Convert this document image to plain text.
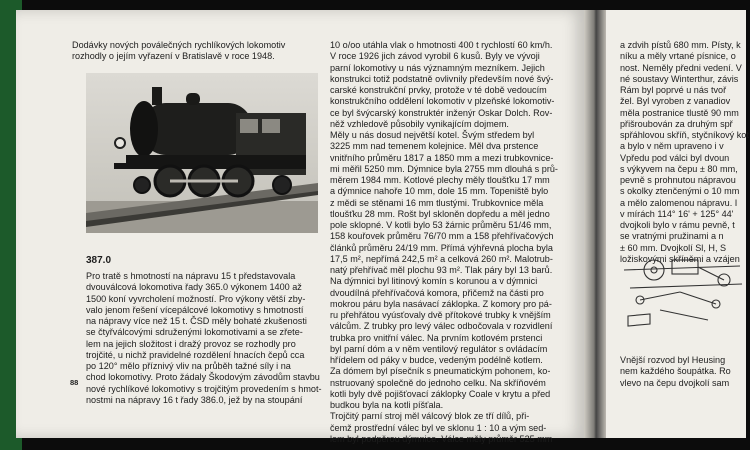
Dodávky nových poválečných rychlíkových lokomotiv
rozhodly o jejím vyřazení v Bratislavě v roce 1948.
387.0
Pro tratě s hmotností na nápravu 15 t představovala
dvouválcová lokomotiva řady 365.0 výkonem 1400 až
1500 koní vyvrcholení možností. Pro výkony větší zby-
valo jenom řešení vícepálcové lokomotivy s hmotností
na nápravy více než 15 t. ČSD měly bohaté zkušenosti
se čtyřválcovými sdruženými lokomotivami a se zřete-
lem na jejich složitost i dražý provoz se rozhodly pro
trojčité, u nichž pravidelné rozdělení hnacích čepů cca
po 120° mělo příznivý vliv na průběh tažné síly i na
chod lokomotivy. Proto žádaly Škodovým závodům stavbu
nové rychlíkové lokomotivy s trojčitým provedením s hmot-
nostmi na nápravy 16 t řady 386.0, jež by na stoupání
88
10 o/oo utáhla vlak o hmotnosti 400 t rychlostí 60 km/h.
V roce 1926 jich závod vyrobil 6 kusů. Byly ve vývoji
parní lokomotivy u nás významným mezníkem. Jejich
konstrukci totiž podstatně ovlivnily především nové švý-
carské konstrukční prvky, protože v té době vedoucím
konstrukčního oddělení lokomotiv v plzeňské lokomotiv-
ce byl švýcarský konstruktér inženýr Oskar Dolch. Rov-
něž vzhledově působily vynikajícím dojmem.
Měly u nás dosud největší kotel. Švým středem byl
3225 mm nad temenem kolejnice. Měl dva prstence
vnitřního průměru 1817 a 1850 mm a mezi trubkovnice-
mi měřil 5250 mm. Dýmnice byla 2755 mm dlouhá s prů-
měrem 1984 mm. Kotlové plechy měly tloušťku 17 mm
a dýmnice nahoře 10 mm, dole 15 mm. Topeniště bylo
z mědi se stěnami 16 mm tlustými. Trubkovnice měla
tloušťku 28 mm. Rošt byl skloněn dopředu a měl jedno
pole sklopné. V kotli bylo 53 žárnic průměru 51/46 mm,
158 kouřovek průměru 76/70 mm a 158 přehřívačových
článků průměru 24/19 mm. Přímá výhřevná plocha byla
17,5 m², nepřímá 242,5 m² a celková 260 m². Malotrub-
natý přehřívač měl plochu 93 m². Tlak páry byl 13 barů.
Na dýmnici byl litinový komín s korunou a v dýmnici
dvoudílná přehřívačová komora, přičemž na části pro
mokrou páru byla nasávací záklopka. Z komory pro pá-
ru přehřátou vyúsťovaly dvě přítokové trubky k vnějším
válcům. Z trubky pro levý válec odbočovala v rozvidlení
trubka pro vnitřní válec. Na prvním kotlovém prstenci
byl parní dóm a v něm ventilový regulátor s ovládacím
hřídelem od páky v budce, vedeným podélně kotlem.
Za dómem byl písečník s pneumatickým pohonem, ko-
nstruovaný společně do jednoho celku. Na skříňovém
kotli byly dvě pojišťovací záklopky Coale v krytu a před
budkou byla na kotli píšťala.
Trojčitý parní stroj měl válcový blok ze tří dílů, při-
čemž prostřední válec byl ve sklonu 1 : 10 a vým sed-
lem byl podpěrou dýmnice. Válce měly průměr 525 mm
a zdvih pístů 680 mm. Písty, k
níku a měly vrtané písnice, o
nost. Neměly předni vedení. V
né soustavy Winterthur, závis
Rám byl poprvé u nás tvoř
žel. Byl vyroben z vanadiov
měla postranice tlustě 90 mm
přišroubován za druhým spř
spřáhlovou skříň, styčníkový kot
a bylo v něm upraveno i v
Vpředu pod válci byl dvoun
s výkyvem na čepu ± 80 mm,
pevně s prohnutou nápravou
s okolky ztenčenými o 10 mm
a mělo zalomenou nápravu. I
v mírách 114° 16' + 125° 44'
dvojkoli bylo v rámu pevně, t
se vratnými pružinami a n
± 60 mm. Dvojkolí Sl, H, S
ložiskovými skříněmi a vzájen
Vnější rozvod byl Heusing
nem každého šoupátka. Ro
vlevo na čepu dvojkolí sam
